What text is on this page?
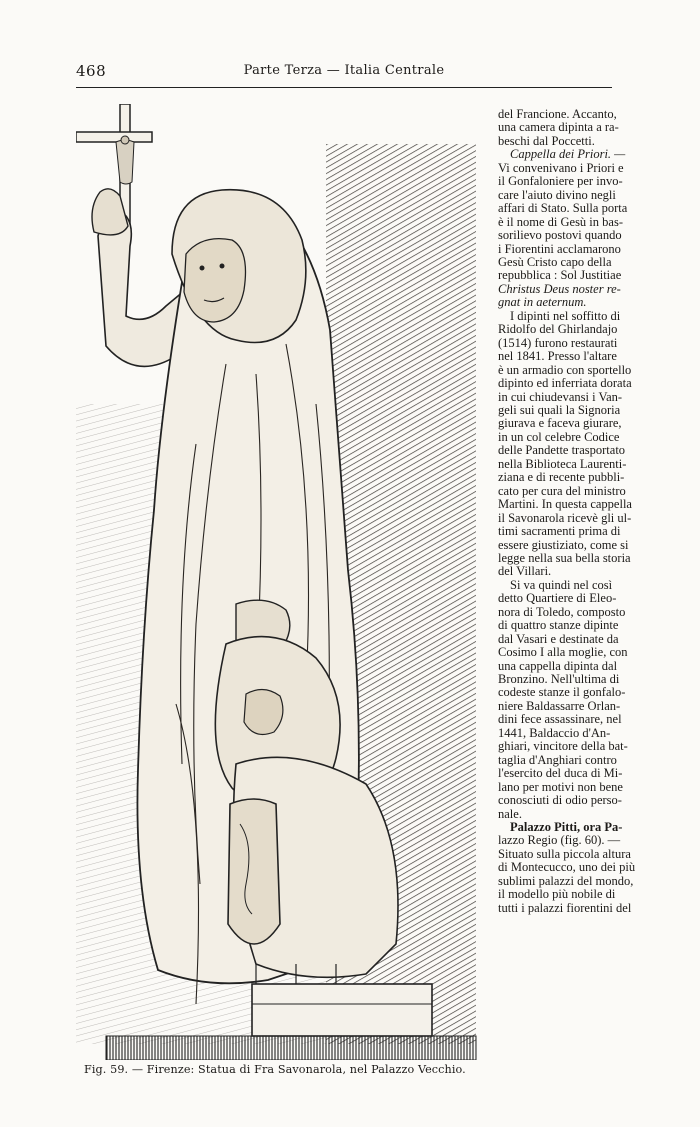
468	Parte Terza — Italia Centrale
Fig. 59. — Firenze: Statua di Fra Savonarola, nel Palazzo Vecchio.
del Francione. Accanto,
una camera dipinta a ra-
beschi dal Poccetti.
Cappella dei Priori. —
Vi convenivano i Priori e
il Gonfaloniere per invo-
care l'aiuto divino negli
affari di Stato. Sulla porta
è il nome di Gesù in bas-
sorilievo postovi quando
i Fiorentini acclamarono
Gesù Cristo capo della
repubblica : Sol Justitiae
Christus Deus noster re-
gnat in aeternum.
I dipinti nel soffitto di
Ridolfo del Ghirlandajo
(1514) furono restaurati
nel 1841. Presso l'altare
è un armadio con sportello
dipinto ed inferriata dorata
in cui chiudevansi i Van-
geli sui quali la Signoria
giurava e faceva giurare,
in un col celebre Codice
delle Pandette trasportato
nella Biblioteca Laurenti-
ziana e di recente pubbli-
cato per cura del ministro
Martini. In questa cappella
il Savonarola ricevè gli ul-
timi sacramenti prima di
essere giustiziato, come si
legge nella sua bella storia
del Villari.
Si va quindi nel così
detto Quartiere di Eleo-
nora di Toledo, composto
di quattro stanze dipinte
dal Vasari e destinate da
Cosimo I alla moglie, con
una cappella dipinta dal
Bronzino. Nell'ultima di
codeste stanze il gonfalo-
niere Baldassarre Orlan-
dini fece assassinare, nel
1441, Baldaccio d'An-
ghiari, vincitore della bat-
taglia d'Anghiari contro
l'esercito del duca di Mi-
lano per motivi non bene
conosciuti di odio perso-
nale.
Palazzo Pitti, ora Pa-
lazzo Regio (fig. 60). —
Situato sulla piccola altura
di Montecucco, uno dei più
sublimi palazzi del mondo,
il modello più nobile di
tutti i palazzi fiorentini del
